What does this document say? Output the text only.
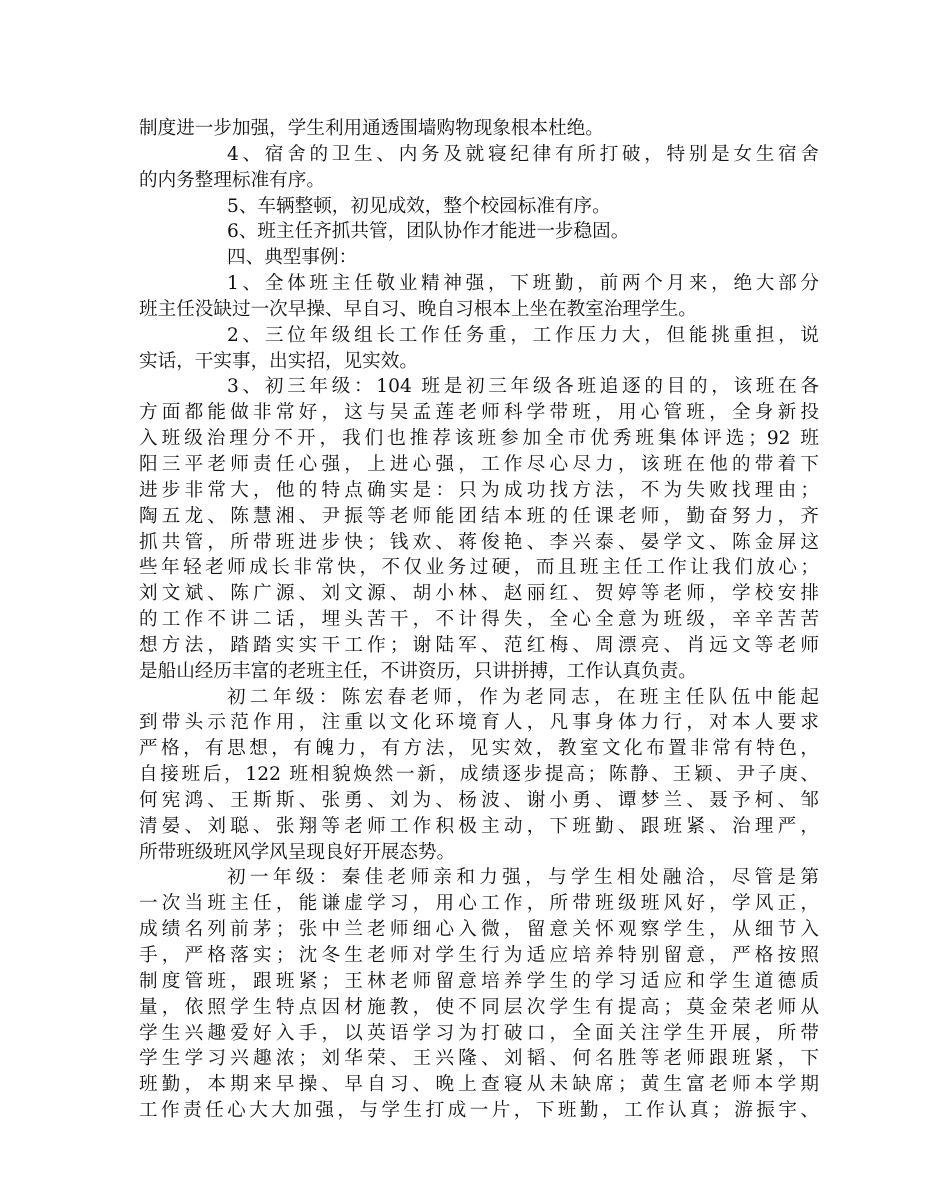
制度进一步加强，学生利用通透围墙购物现象根本杜绝。
4、宿舍的卫生、内务及就寝纪律有所打破，特别是女生宿舍
的内务整理标准有序。
5、车辆整顿，初见成效，整个校园标准有序。
6、班主任齐抓共管，团队协作才能进一步稳固。
四、典型事例：
1、全体班主任敬业精神强，下班勤，前两个月来，绝大部分
班主任没缺过一次早操、早自习、晚自习根本上坐在教室治理学生。
2、三位年级组长工作任务重，工作压力大，但能挑重担，说
实话，干实事，出实招，见实效。
3、初三年级：104 班是初三年级各班追逐的目的，该班在各
方面都能做非常好，这与吴孟莲老师科学带班，用心管班，全身新投
入班级治理分不开，我们也推荐该班参加全市优秀班集体评选；92 班
阳三平老师责任心强，上进心强，工作尽心尽力，该班在他的带着下
进步非常大，他的特点确实是：只为成功找方法，不为失败找理由；
陶五龙、陈慧湘、尹振等老师能团结本班的任课老师，勤奋努力，齐
抓共管，所带班进步快；钱欢、蒋俊艳、李兴泰、晏学文、陈金屏这
些年轻老师成长非常快，不仅业务过硬，而且班主任工作让我们放心；
刘文斌、陈广源、刘文源、胡小林、赵丽红、贺婷等老师，学校安排
的工作不讲二话，埋头苦干，不计得失，全心全意为班级，辛辛苦苦
想方法，踏踏实实干工作；谢陆军、范红梅、周漂亮、肖远文等老师
是船山经历丰富的老班主任，不讲资历，只讲拼搏，工作认真负责。
初二年级：陈宏春老师，作为老同志，在班主任队伍中能起
到带头示范作用，注重以文化环境育人，凡事身体力行，对本人要求
严格，有思想，有魄力，有方法，见实效，教室文化布置非常有特色，
自接班后，122 班相貌焕然一新，成绩逐步提高；陈静、王颖、尹子庚、
何宪鸿、王斯斯、张勇、刘为、杨波、谢小勇、谭梦兰、聂予柯、邹
清晏、刘聪、张翔等老师工作积极主动，下班勤、跟班紧、治理严，
所带班级班风学风呈现良好开展态势。
初一年级：秦佳老师亲和力强，与学生相处融洽，尽管是第
一次当班主任，能谦虚学习，用心工作，所带班级班风好，学风正，
成绩名列前茅；张中兰老师细心入微，留意关怀观察学生，从细节入
手，严格落实；沈冬生老师对学生行为适应培养特别留意，严格按照
制度管班，跟班紧；王林老师留意培养学生的学习适应和学生道德质
量，依照学生特点因材施教，使不同层次学生有提高；莫金荣老师从
学生兴趣爱好入手，以英语学习为打破口，全面关注学生开展，所带
学生学习兴趣浓；刘华荣、王兴隆、刘韬、何名胜等老师跟班紧，下
班勤，本期来早操、早自习、晚上查寝从未缺席；黄生富老师本学期
工作责任心大大加强，与学生打成一片，下班勤，工作认真；游振宇、
